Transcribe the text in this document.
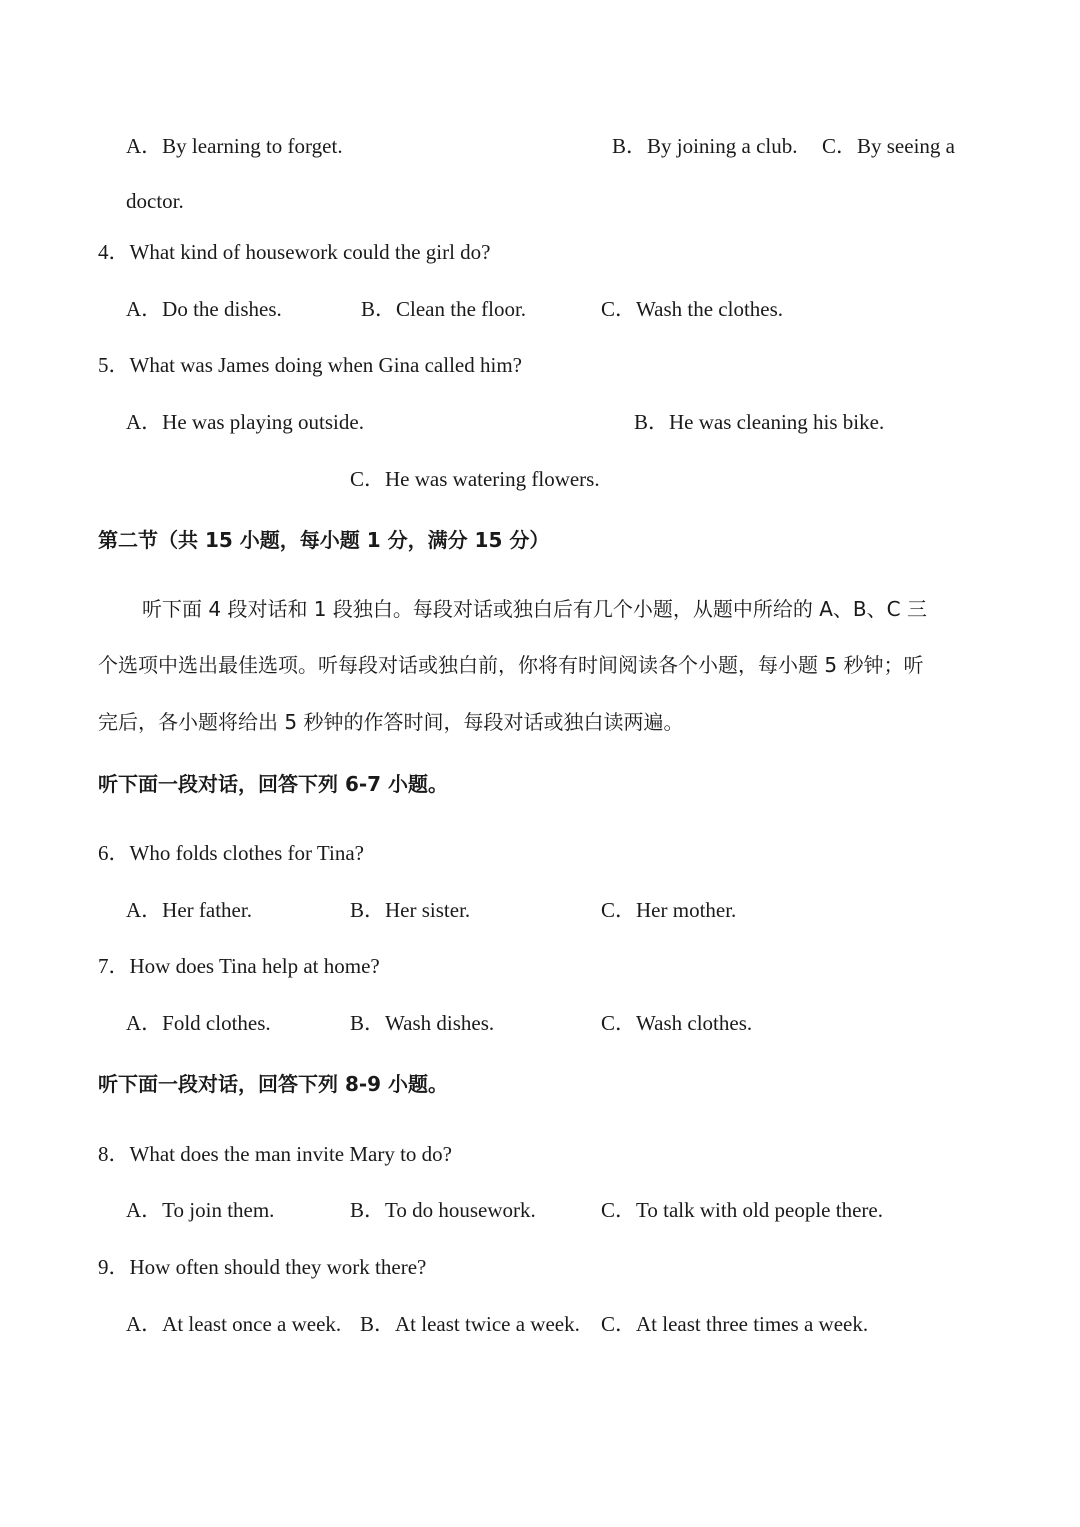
A．By learning to forget.	B．By joining a club. C．By seeing a
doctor.
4．What kind of housework could the girl do?
A．Do the dishes.	B．Clean the floor.	C．Wash the clothes.
5．What was James doing when Gina called him?
A．He was playing outside.	B．He was cleaning his bike.
C．He was watering flowers.
第二节（共 15 小题，每小题 1 分，满分 15 分）
听下面 4 段对话和 1 段独白。每段对话或独白后有几个小题，从题中所给的 A、B、C 三
个选项中选出最佳选项。听每段对话或独白前，你将有时间阅读各个小题，每小题 5 秒钟；听
完后，各小题将给出 5 秒钟的作答时间，每段对话或独白读两遍。
听下面一段对话，回答下列 6-7 小题。
6．Who folds clothes for Tina?
A．Her father.	B．Her sister.	C．Her mother.
7．How does Tina help at home?
A．Fold clothes.	B．Wash dishes.	C．Wash clothes.
听下面一段对话，回答下列 8-9 小题。
8．What does the man invite Mary to do?
A．To join them.	B．To do housework.	C．To talk with old people there.
9．How often should they work there?
A．At least once a week. B．At least twice a week. C．At least three times a week.
